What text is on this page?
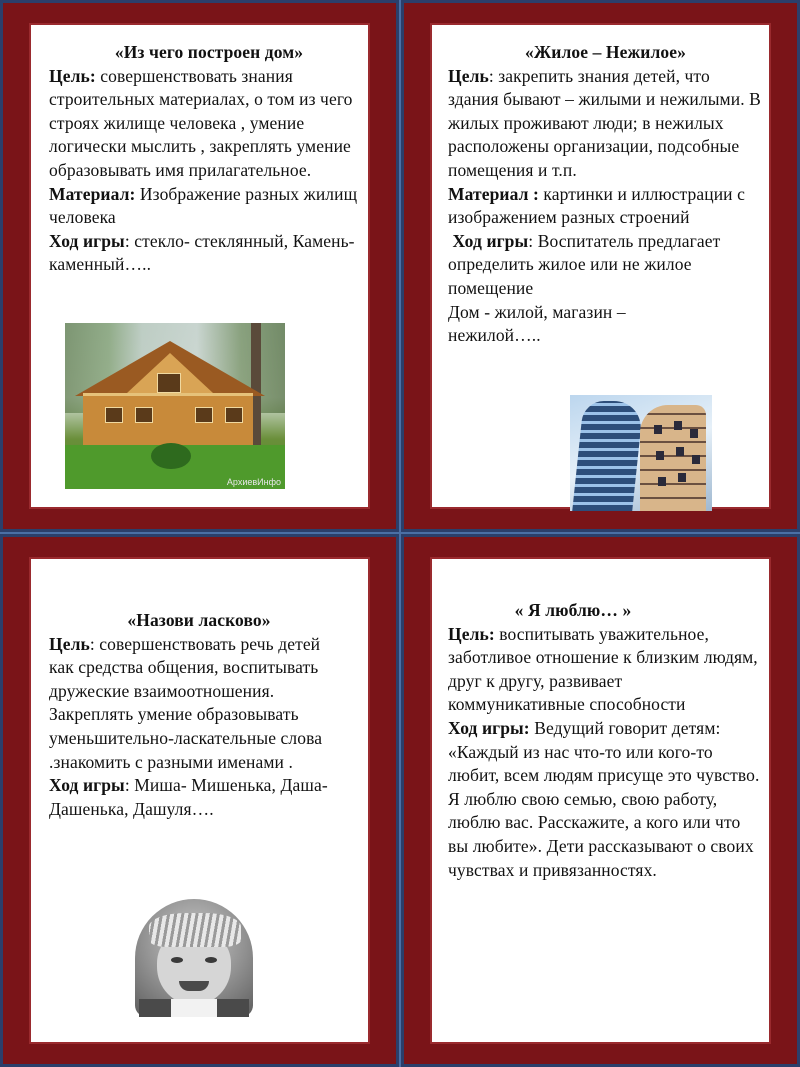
«Из чего построен дом»
Цель: совершенствовать знания строительных материалах, о том из чего строях жилище человека , умение логически мыслить , закреплять умение образовывать имя прилагательное.
Материал: Изображение разных жилищ человека
Ход игры: стекло- стеклянный, Камень-каменный…..
АрхиевИнфо
«Жилое – Нежилое»
Цель: закрепить знания детей, что здания бывают – жилыми и нежилыми. В жилых проживают люди; в нежилых расположены организации, подсобные помещения и т.п.
Материал : картинки и иллюстрации с изображением разных строений
Ход игры: Воспитатель предлагает определить жилое или не жилое помещение
Дом - жилой, магазин – нежилой…..
«Назови ласково»
Цель: совершенствовать речь детей как средства общения, воспитывать дружеские взаимоотношения. Закреплять умение образовывать уменьшительно-ласкательные слова .знакомить с разными именами .
Ход игры: Миша- Мишенька, Даша- Дашенька, Дашуля….
« Я люблю… »
Цель: воспитывать уважительное, заботливое отношение к близким людям, друг к другу, развивает коммуникативные способности
Ход игры: Ведущий говорит детям: «Каждый из нас что-то или кого-то любит, всем людям присуще это чувство. Я люблю свою семью, свою работу, люблю вас. Расскажите, а кого или что вы любите». Дети рассказывают о своих чувствах и привязанностях.
